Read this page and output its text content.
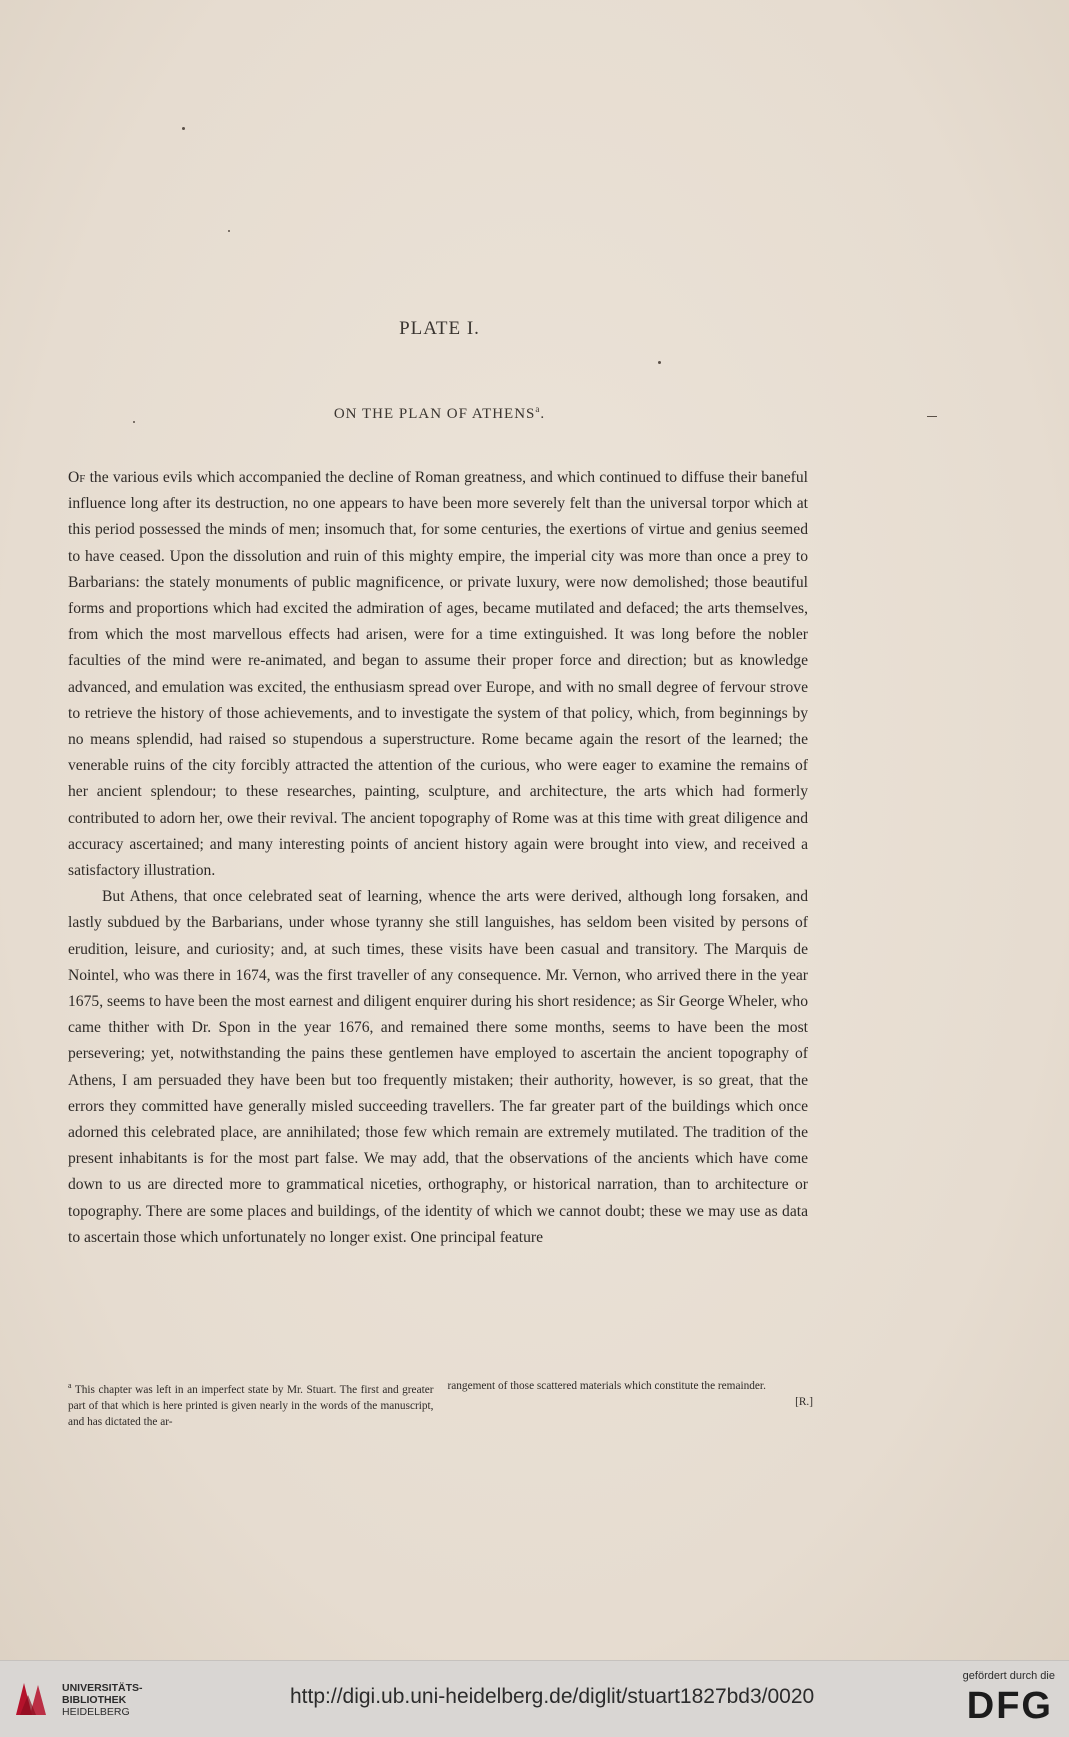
PLATE I.
ON THE PLAN OF ATHENS$^a$.

Of the various evils which accompanied the decline of Roman greatness, and which continued to diffuse their baneful influence long after its destruction, no one appears to have been more severely felt than the universal torpor which at this period possessed the minds of men; insomuch that, for some centuries, the exertions of virtue and genius seemed to have ceased. Upon the dissolution and ruin of this mighty empire, the imperial city was more than once a prey to Barbarians: the stately monuments of public magnificence, or private luxury, were now demolished; those beautiful forms and proportions which had excited the admiration of ages, became mutilated and defaced; the arts themselves, from which the most marvellous effects had arisen, were for a time extinguished. It was long before the nobler faculties of the mind were re-animated, and began to assume their proper force and direction; but as knowledge advanced, and emulation was excited, the enthusiasm spread over Europe, and with no small degree of fervour strove to retrieve the history of those achievements, and to investigate the system of that policy, which, from beginnings by no means splendid, had raised so stupendous a superstructure. Rome became again the resort of the learned; the venerable ruins of the city forcibly attracted the attention of the curious, who were eager to examine the remains of her ancient splendour; to these researches, painting, sculpture, and architecture, the arts which had formerly contributed to adorn her, owe their revival. The ancient topography of Rome was at this time with great diligence and accuracy ascertained; and many interesting points of ancient history again were brought into view, and received a satisfactory illustration.

But Athens, that once celebrated seat of learning, whence the arts were derived, although long forsaken, and lastly subdued by the Barbarians, under whose tyranny she still languishes, has seldom been visited by persons of erudition, leisure, and curiosity; and, at such times, these visits have been casual and transitory. The Marquis de Nointel, who was there in 1674, was the first traveller of any consequence. Mr. Vernon, who arrived there in the year 1675, seems to have been the most earnest and diligent enquirer during his short residence; as Sir George Wheler, who came thither with Dr. Spon in the year 1676, and remained there some months, seems to have been the most persevering; yet, notwithstanding the pains these gentlemen have employed to ascertain the ancient topography of Athens, I am persuaded they have been but too frequently mistaken; their authority, however, is so great, that the errors they committed have generally misled succeeding travellers. The far greater part of the buildings which once adorned this celebrated place, are annihilated; those few which remain are extremely mutilated. The tradition of the present inhabitants is for the most part false. We may add, that the observations of the ancients which have come down to us are directed more to grammatical niceties, orthography, or historical narration, than to architecture or topography. There are some places and buildings, of the identity of which we cannot doubt; these we may use as data to ascertain those which unfortunately no longer exist. One principal feature

$^a$ This chapter was left in an imperfect state by Mr. Stuart. The first and greater part of that which is here printed is given nearly in the words of the manuscript, and has dictated the ar-
rangement of those scattered materials which constitute the remainder.
[R.]
UNIVERSITÄTS-
BIBLIOTHEK
HEIDELBERG
http://digi.ub.uni-heidelberg.de/diglit/stuart1827bd3/0020
gefördert durch die
DFG
